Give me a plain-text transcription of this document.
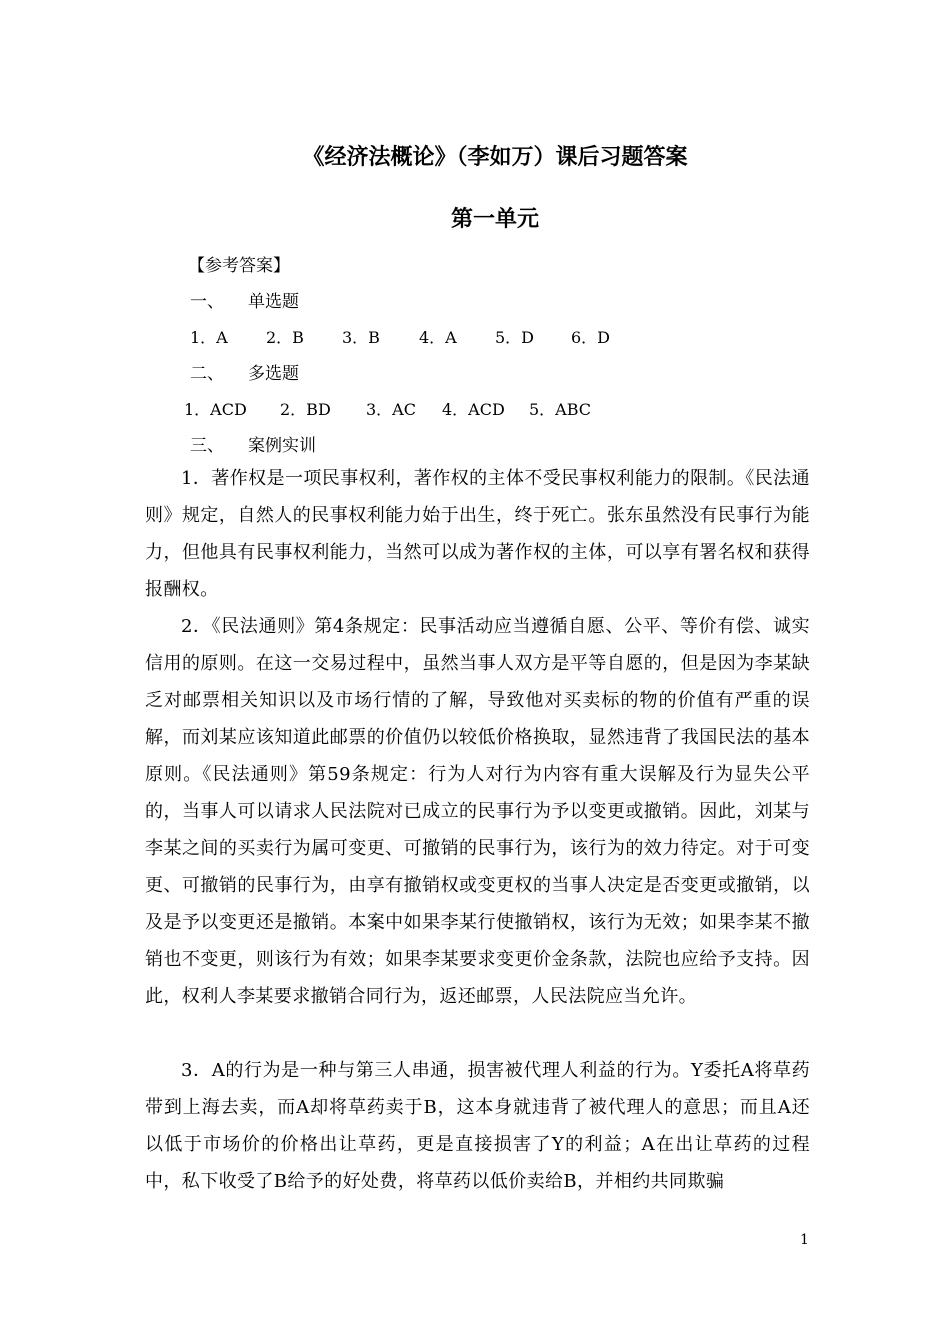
《经济法概论》（李如万）课后习题答案
第一单元
【参考答案】
一、 单选题
1．A 2．B 3．B 4．A 5．D 6．D
二、 多选题
1．ACD 2．BD 3．AC 4．ACD 5．ABC
三、 案例实训

1．著作权是一项民事权利，著作权的主体不受民事权利能力的限制。《民法通则》规定，自然人的民事权利能力始于出生，终于死亡。张东虽然没有民事行为能力，但他具有民事权利能力，当然可以成为著作权的主体，可以享有署名权和获得报酬权。

2．《民法通则》第4条规定：民事活动应当遵循自愿、公平、等价有偿、诚实信用的原则。在这一交易过程中，虽然当事人双方是平等自愿的，但是因为李某缺乏对邮票相关知识以及市场行情的了解，导致他对买卖标的物的价值有严重的误解，而刘某应该知道此邮票的价值仍以较低价格换取，显然违背了我国民法的基本原则。《民法通则》第59条规定：行为人对行为内容有重大误解及行为显失公平的，当事人可以请求人民法院对已成立的民事行为予以变更或撤销。因此，刘某与李某之间的买卖行为属可变更、可撤销的民事行为，该行为的效力待定。对于可变更、可撤销的民事行为，由享有撤销权或变更权的当事人决定是否变更或撤销，以及是予以变更还是撤销。本案中如果李某行使撤销权，该行为无效；如果李某不撤销也不变更，则该行为有效；如果李某要求变更价金条款，法院也应给予支持。因此，权利人李某要求撤销合同行为，返还邮票，人民法院应当允许。

3．A的行为是一种与第三人串通，损害被代理人利益的行为。Y委托A将草药带到上海去卖，而A却将草药卖于B，这本身就违背了被代理人的意思；而且A还以低于市场价的价格出让草药，更是直接损害了Y的利益；A在出让草药的过程中，私下收受了B给予的好处费，将草药以低价卖给B，并相约共同欺骗

1
